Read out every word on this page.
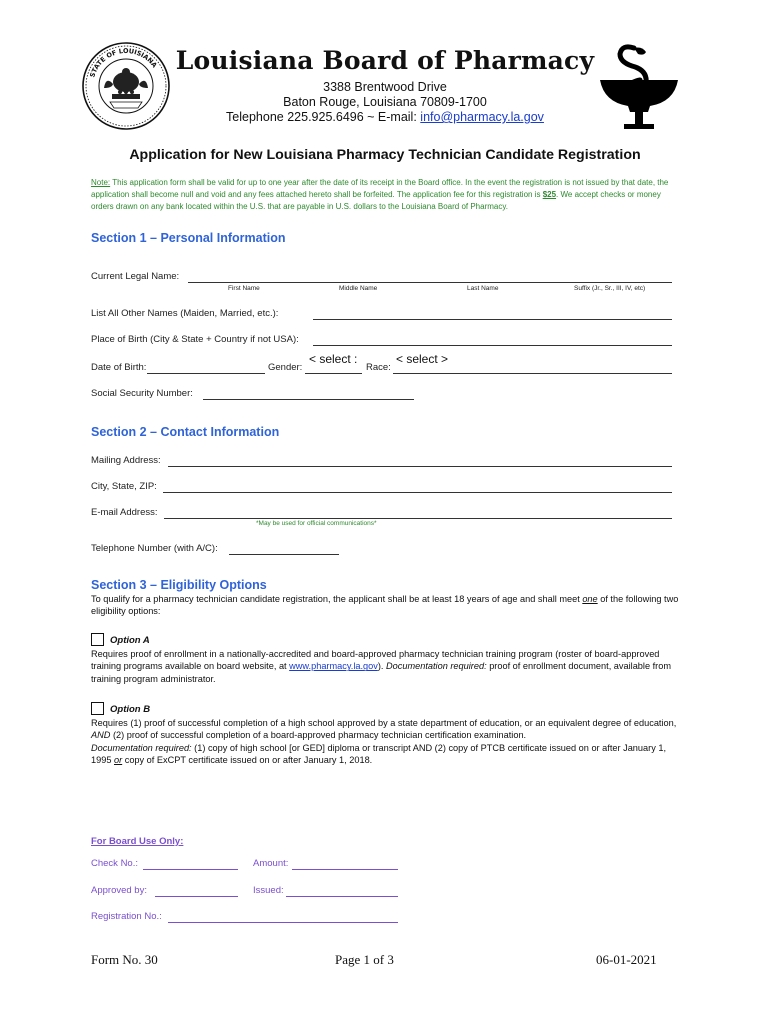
STATE OF LOUISIANA Louisiana Board of Pharmacy
3388 Brentwood Drive
Baton Rouge, Louisiana 70809-1700
Telephone 225.925.6496 ~ E-mail: info@pharmacy.la.gov
Application for New Louisiana Pharmacy Technician Candidate Registration
Note: This application form shall be valid for up to one year after the date of its receipt in the Board office. In the event the registration is not issued by that date, the application shall become null and void and any fees attached hereto shall be forfeited. The application fee for this registration is $25. We accept checks or money orders drawn on any bank located within the U.S. that are payable in U.S. dollars to the Louisiana Board of Pharmacy.
Section 1 – Personal Information
Current Legal Name:
First Name	Middle Name	Last Name	Suffix (Jr., Sr., III, IV, etc)
List All Other Names (Maiden, Married, etc.):
Place of Birth (City & State + Country if not USA):
Date of Birth:	Gender:
< select :
Race:
< select >
Social Security Number:
Section 2 – Contact Information
Mailing Address:
City, State, ZIP:
E-mail Address:
*May be used for official communications*
Telephone Number (with A/C):
Section 3 – Eligibility Options
To qualify for a pharmacy technician candidate registration, the applicant shall be at least 18 years of age and shall meet one of the following two eligibility options:
Option A
Requires proof of enrollment in a nationally-accredited and board-approved pharmacy technician training program (roster of board-approved training programs available on board website, at www.pharmacy.la.gov). Documentation required: proof of enrollment document, available from training program administrator.
Option B
Requires (1) proof of successful completion of a high school approved by a state department of education, or an equivalent degree of education, AND (2) proof of successful completion of a board-approved pharmacy technician certification examination.
Documentation required: (1) copy of high school [or GED] diploma or transcript AND (2) copy of PTCB certificate issued on or after January 1, 1995 or copy of ExCPT certificate issued on or after January 1, 2018.
For Board Use Only:
Check No.:	Amount:
Approved by:	Issued:
Registration No.:
Form No. 30	Page 1 of 3	06-01-2021
